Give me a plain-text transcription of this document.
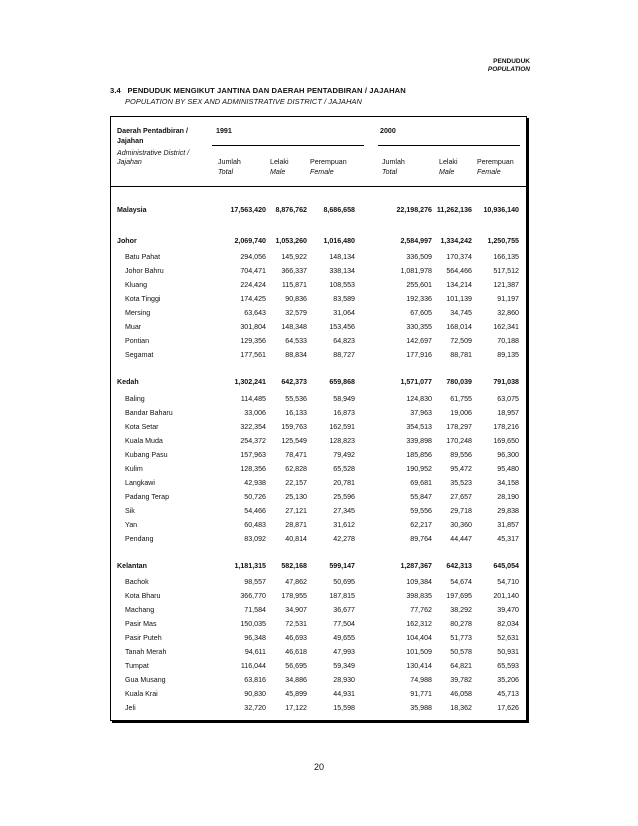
PENDUDUK
POPULATION
3.4 PENDUDUK MENGIKUT JANTINA DAN DAERAH PENTADBIRAN / JAJAHAN
POPULATION BY SEX AND ADMINISTRATIVE DISTRICT / JAJAHAN
Daerah Pentadbiran /
Jajahan
Administrative District /
Jajahan
1991	2000
Jumlah
Total
Lelaki
Male
Perempuan
Female
Jumlah
Total
Lelaki
Male
Perempuan
Female
Malaysia	17,563,420	8,876,762	8,686,658	22,198,276 11,262,136	10,936,140
Johor	2,069,740	1,053,260	1,016,480	2,584,997	1,334,242	1,250,755
Batu Pahat	294,056	145,922	148,134	336,509	170,374	166,135
Johor Bahru	704,471	366,337	338,134	1,081,978	564,466	517,512
Kluang	224,424	115,871	108,553	255,601	134,214	121,387
Kota Tinggi	174,425	90,836	83,589	192,336	101,139	91,197
Mersing	63,643	32,579	31,064	67,605	34,745	32,860
Muar	301,804	148,348	153,456	330,355	168,014	162,341
Pontian	129,356	64,533	64,823	142,697	72,509	70,188
Segamat	177,561	88,834	88,727	177,916	88,781	89,135
Kedah	1,302,241	642,373	659,868	1,571,077	780,039	791,038
Baling	114,485	55,536	58,949	124,830	61,755	63,075
Bandar Baharu	33,006	16,133	16,873	37,963	19,006	18,957
Kota Setar	322,354	159,763	162,591	354,513	178,297	178,216
Kuala Muda	254,372	125,549	128,823	339,898	170,248	169,650
Kubang Pasu	157,963	78,471	79,492	185,856	89,556	96,300
Kulim	128,356	62,828	65,528	190,952	95,472	95,480
Langkawi	42,938	22,157	20,781	69,681	35,523	34,158
Padang Terap	50,726	25,130	25,596	55,847	27,657	28,190
Sik	54,466	27,121	27,345	59,556	29,718	29,838
Yan	60,483	28,871	31,612	62,217	30,360	31,857
Pendang	83,092	40,814	42,278	89,764	44,447	45,317
Kelantan	1,181,315	582,168	599,147	1,287,367	642,313	645,054
Bachok	98,557	47,862	50,695	109,384	54,674	54,710
Kota Bharu	366,770	178,955	187,815	398,835	197,695	201,140
Machang	71,584	34,907	36,677	77,762	38,292	39,470
Pasir Mas	150,035	72,531	77,504	162,312	80,278	82,034
Pasir Puteh	96,348	46,693	49,655	104,404	51,773	52,631
Tanah Merah	94,611	46,618	47,993	101,509	50,578	50,931
Tumpat	116,044	56,695	59,349	130,414	64,821	65,593
Gua Musang	63,816	34,886	28,930	74,988	39,782	35,206
Kuala Krai	90,830	45,899	44,931	91,771	46,058	45,713
Jeli	32,720	17,122	15,598	35,988	18,362	17,626
20
